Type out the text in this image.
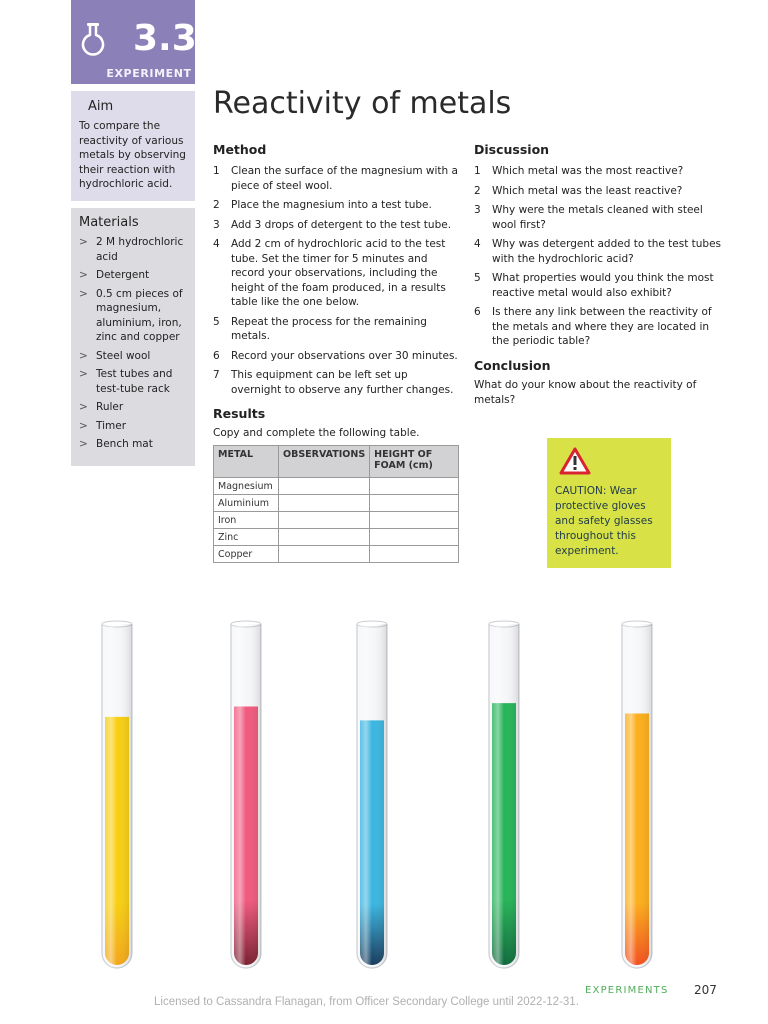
3.3
EXPERIMENT
Aim

To compare the reactivity of various metals by observing their reaction with hydrochloric acid.

Materials
> 2 M hydrochloric acid
> Detergent
> 0.5 cm pieces of magnesium, aluminium, iron, zinc and copper
> Steel wool
> Test tubes and test-tube rack
> Ruler
> Timer
> Bench mat
Reactivity of metals
Method
1 Clean the surface of the magnesium with a piece of steel wool.
2 Place the magnesium into a test tube.
3 Add 3 drops of detergent to the test tube.
4 Add 2 cm of hydrochloric acid to the test tube. Set the timer for 5 minutes and record your observations, including the height of the foam produced, in a results table like the one below.
5 Repeat the process for the remaining metals.
6 Record your observations over 30 minutes.
7 This equipment can be left set up overnight to observe any further changes.
Results

Copy and complete the following table.

METAL	OBSERVATIONS	HEIGHT OF FOAM (cm)
Magnesium		
Aluminium		
Iron		
Zinc		
Copper		
Discussion
1 Which metal was the most reactive?
2 Which metal was the least reactive?
3 Why were the metals cleaned with steel wool first?
4 Why was detergent added to the test tubes with the hydrochloric acid?
5 What properties would you think the most reactive metal would also exhibit?
6 Is there any link between the reactivity of the metals and where they are located in the periodic table?
Conclusion

What do your know about the reactivity of metals?

CAUTION: Wear protective gloves and safety glasses throughout this experiment.

EXPERIMENTS 207
Licensed to Cassandra Flanagan, from Officer Secondary College until 2022-12-31.
